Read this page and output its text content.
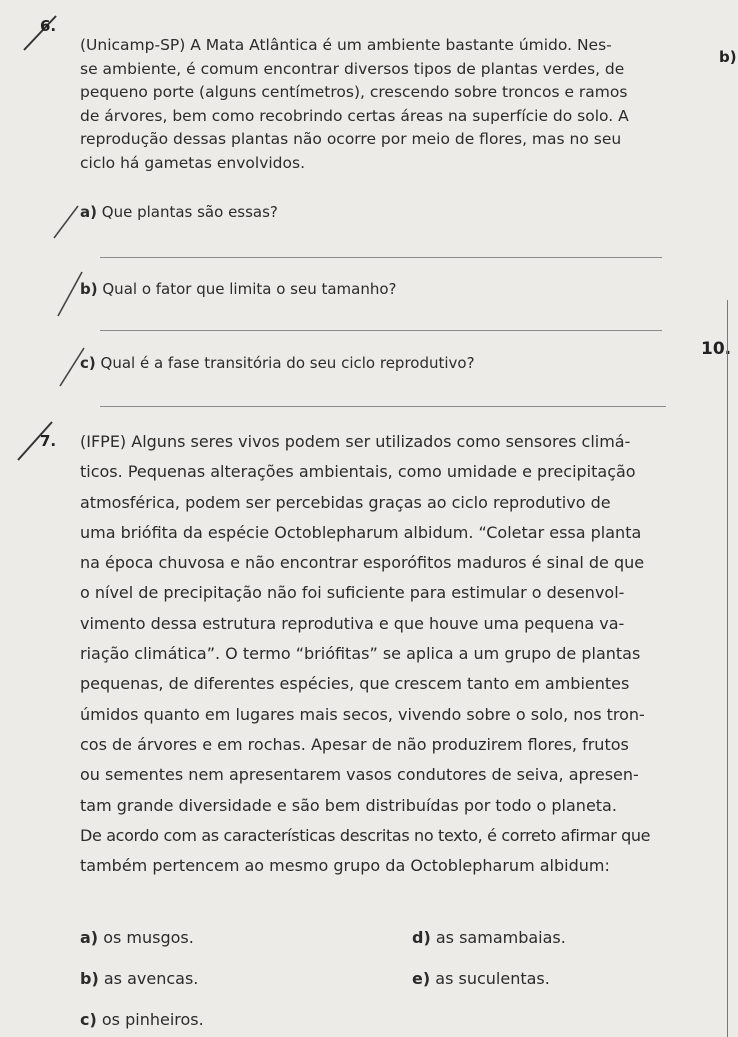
6.

(Unicamp-SP) A Mata Atlântica é um ambiente bastante úmido. Nes-

se ambiente, é comum encontrar diversos tipos de plantas verdes, de

pequeno porte (alguns centímetros), crescendo sobre troncos e ramos

de árvores, bem como recobrindo certas áreas na superfície do solo. A

reprodução dessas plantas não ocorre por meio de flores, mas no seu

ciclo há gametas envolvidos.

a) Que plantas são essas?
b) Qual o fator que limita o seu tamanho?
c) Qual é a fase transitória do seu ciclo reprodutivo?
b)
10.
7. (IFPE) Alguns seres vivos podem ser utilizados como sensores climá-

ticos. Pequenas alterações ambientais, como umidade e precipitação

atmosférica, podem ser percebidas graças ao ciclo reprodutivo de

uma briófita da espécie Octoblepharum albidum. “Coletar essa planta

na época chuvosa e não encontrar esporófitos maduros é sinal de que

o nível de precipitação não foi suficiente para estimular o desenvol-

vimento dessa estrutura reprodutiva e que houve uma pequena va-

riação climática”. O termo “briófitas” se aplica a um grupo de plantas

pequenas, de diferentes espécies, que crescem tanto em ambientes

úmidos quanto em lugares mais secos, vivendo sobre o solo, nos tron-

cos de árvores e em rochas. Apesar de não produzirem flores, frutos

ou sementes nem apresentarem vasos condutores de seiva, apresen-

tam grande diversidade e são bem distribuídas por todo o planeta.

De acordo com as características descritas no texto, é correto afirmar que

também pertencem ao mesmo grupo da Octoblepharum albidum:

a) os musgos.	d) as samambaias.
b) as avencas.	e) as suculentas.
c) os pinheiros.
